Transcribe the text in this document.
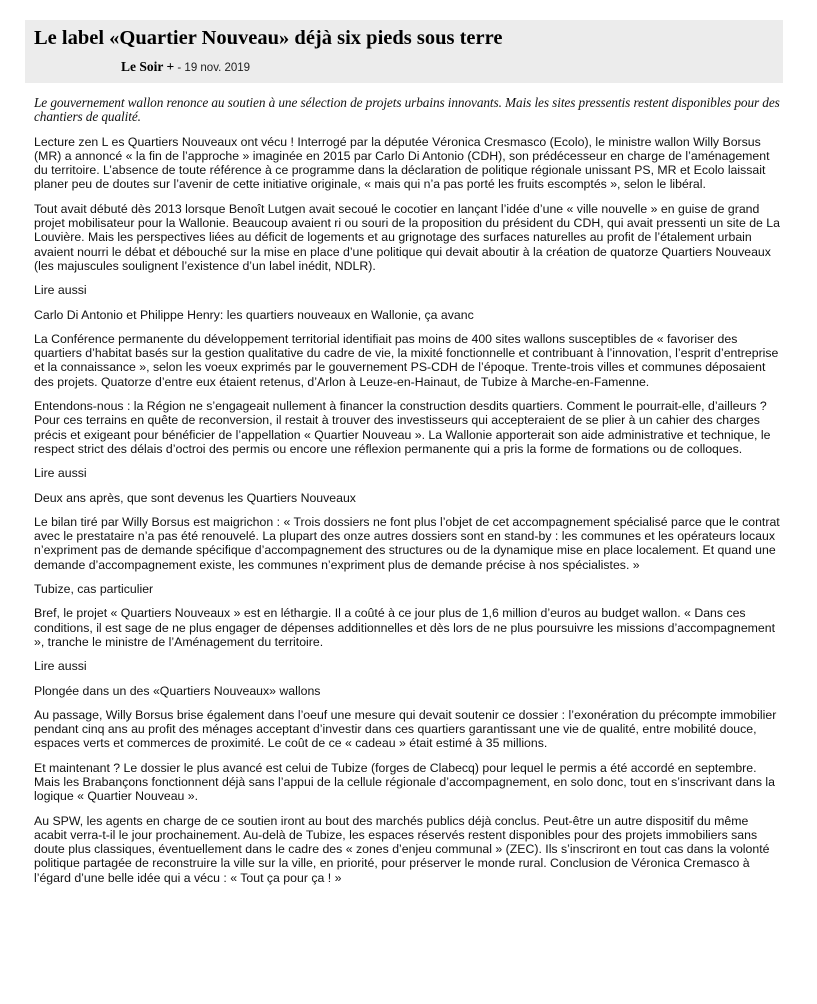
Le label «Quartier Nouveau» déjà six pieds sous terre
Le Soir + - 19 nov. 2019

Le gouvernement wallon renonce au soutien à une sélection de projets urbains innovants. Mais les sites pressentis restent disponibles pour des chantiers de qualité.

Lecture zen L es Quartiers Nouveaux ont vécu ! Interrogé par la députée Véronica Cresmasco (Ecolo), le ministre wallon Willy Borsus (MR) a annoncé « la fin de l’approche » imaginée en 2015 par Carlo Di Antonio (CDH), son prédécesseur en charge de l’aménagement du territoire. L’absence de toute référence à ce programme dans la déclaration de politique régionale unissant PS, MR et Ecolo laissait planer peu de doutes sur l’avenir de cette initiative originale, « mais qui n’a pas porté les fruits escomptés », selon le libéral.

Tout avait débuté dès 2013 lorsque Benoît Lutgen avait secoué le cocotier en lançant l’idée d’une « ville nouvelle » en guise de grand projet mobilisateur pour la Wallonie. Beaucoup avaient ri ou souri de la proposition du président du CDH, qui avait pressenti un site de La Louvière. Mais les perspectives liées au déficit de logements et au grignotage des surfaces naturelles au profit de l’étalement urbain avaient nourri le débat et débouché sur la mise en place d’une politique qui devait aboutir à la création de quatorze Quartiers Nouveaux (les majuscules soulignent l’existence d’un label inédit, NDLR).

Lire aussi

Carlo Di Antonio et Philippe Henry: les quartiers nouveaux en Wallonie, ça avanc

La Conférence permanente du développement territorial identifiait pas moins de 400 sites wallons susceptibles de « favoriser des quartiers d’habitat basés sur la gestion qualitative du cadre de vie, la mixité fonctionnelle et contribuant à l’innovation, l’esprit d’entreprise et la connaissance », selon les voeux exprimés par le gouvernement PS-CDH de l’époque. Trente-trois villes et communes déposaient des projets. Quatorze d’entre eux étaient retenus, d’Arlon à Leuze-en-Hainaut, de Tubize à Marche-en-Famenne.

Entendons-nous : la Région ne s’engageait nullement à financer la construction desdits quartiers. Comment le pourrait-elle, d’ailleurs ? Pour ces terrains en quête de reconversion, il restait à trouver des investisseurs qui accepteraient de se plier à un cahier des charges précis et exigeant pour bénéficier de l’appellation « Quartier Nouveau ». La Wallonie apporterait son aide administrative et technique, le respect strict des délais d’octroi des permis ou encore une réflexion permanente qui a pris la forme de formations ou de colloques.

Lire aussi

Deux ans après, que sont devenus les Quartiers Nouveaux

Le bilan tiré par Willy Borsus est maigrichon : « Trois dossiers ne font plus l’objet de cet accompagnement spécialisé parce que le contrat avec le prestataire n’a pas été renouvelé. La plupart des onze autres dossiers sont en stand-by : les communes et les opérateurs locaux n’expriment pas de demande spécifique d’accompagnement des structures ou de la dynamique mise en place localement. Et quand une demande d’accompagnement existe, les communes n’expriment plus de demande précise à nos spécialistes. »

Tubize, cas particulier

Bref, le projet « Quartiers Nouveaux » est en léthargie. Il a coûté à ce jour plus de 1,6 million d’euros au budget wallon. « Dans ces conditions, il est sage de ne plus engager de dépenses additionnelles et dès lors de ne plus poursuivre les missions d’accompagnement », tranche le ministre de l’Aménagement du territoire.

Lire aussi

Plongée dans un des «Quartiers Nouveaux» wallons

Au passage, Willy Borsus brise également dans l’oeuf une mesure qui devait soutenir ce dossier : l’exonération du précompte immobilier pendant cinq ans au profit des ménages acceptant d’investir dans ces quartiers garantissant une vie de qualité, entre mobilité douce, espaces verts et commerces de proximité. Le coût de ce « cadeau » était estimé à 35 millions.

Et maintenant ? Le dossier le plus avancé est celui de Tubize (forges de Clabecq) pour lequel le permis a été accordé en septembre. Mais les Brabançons fonctionnent déjà sans l’appui de la cellule régionale d’accompagnement, en solo donc, tout en s’inscrivant dans la logique « Quartier Nouveau ».

Au SPW, les agents en charge de ce soutien iront au bout des marchés publics déjà conclus. Peut-être un autre dispositif du même acabit verra-t-il le jour prochainement. Au-delà de Tubize, les espaces réservés restent disponibles pour des projets immobiliers sans doute plus classiques, éventuellement dans le cadre des « zones d’enjeu communal » (ZEC). Ils s’inscriront en tout cas dans la volonté politique partagée de reconstruire la ville sur la ville, en priorité, pour préserver le monde rural. Conclusion de Véronica Cremasco à l’égard d’une belle idée qui a vécu : « Tout ça pour ça ! »
